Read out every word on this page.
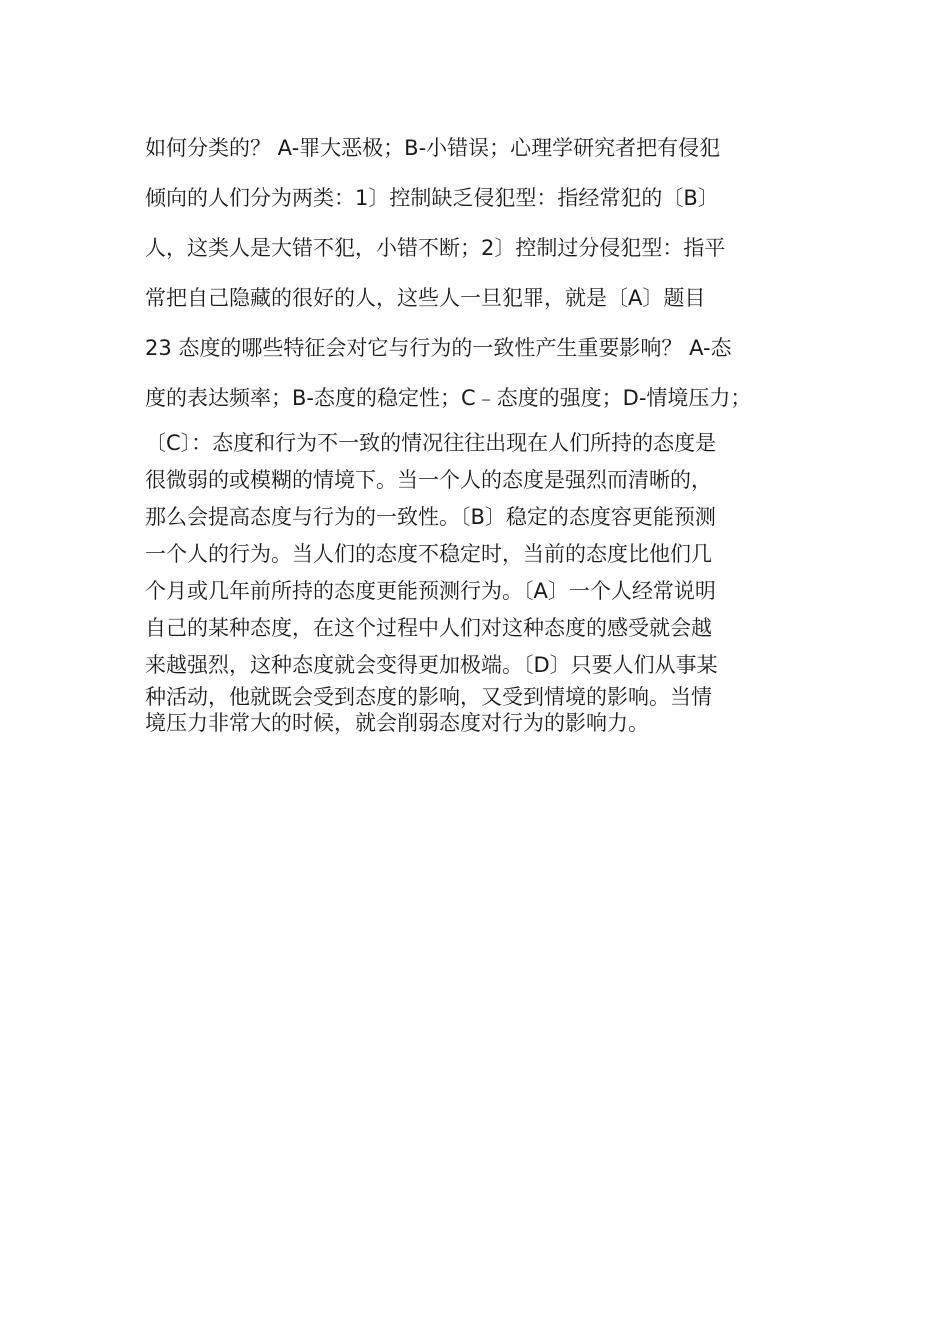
如何分类的？ A-罪大恶极；B-小错误；心理学研究者把有侵犯
倾向的人们分为两类：1〕控制缺乏侵犯型：指经常犯的〔B〕
人，这类人是大错不犯，小错不断；2〕控制过分侵犯型：指平
常把自己隐藏的很好的人，这些人一旦犯罪，就是〔A〕题目
23 态度的哪些特征会对它与行为的一致性产生重要影响？ A-态
度的表达频率；B-态度的稳定性；C﹣态度的强度；D-情境压力；
〔C〕：态度和行为不一致的情况往往出现在人们所持的态度是
很微弱的或模糊的情境下。当一个人的态度是强烈而清晰的，
那么会提高态度与行为的一致性。〔B〕稳定的态度容更能预测
一个人的行为。当人们的态度不稳定时，当前的态度比他们几
个月或几年前所持的态度更能预测行为。〔A〕一个人经常说明
自己的某种态度，在这个过程中人们对这种态度的感受就会越
来越强烈，这种态度就会变得更加极端。〔D〕只要人们从事某
种活动，他就既会受到态度的影响，又受到情境的影响。当情
境压力非常大的时候，就会削弱态度对行为的影响力。
